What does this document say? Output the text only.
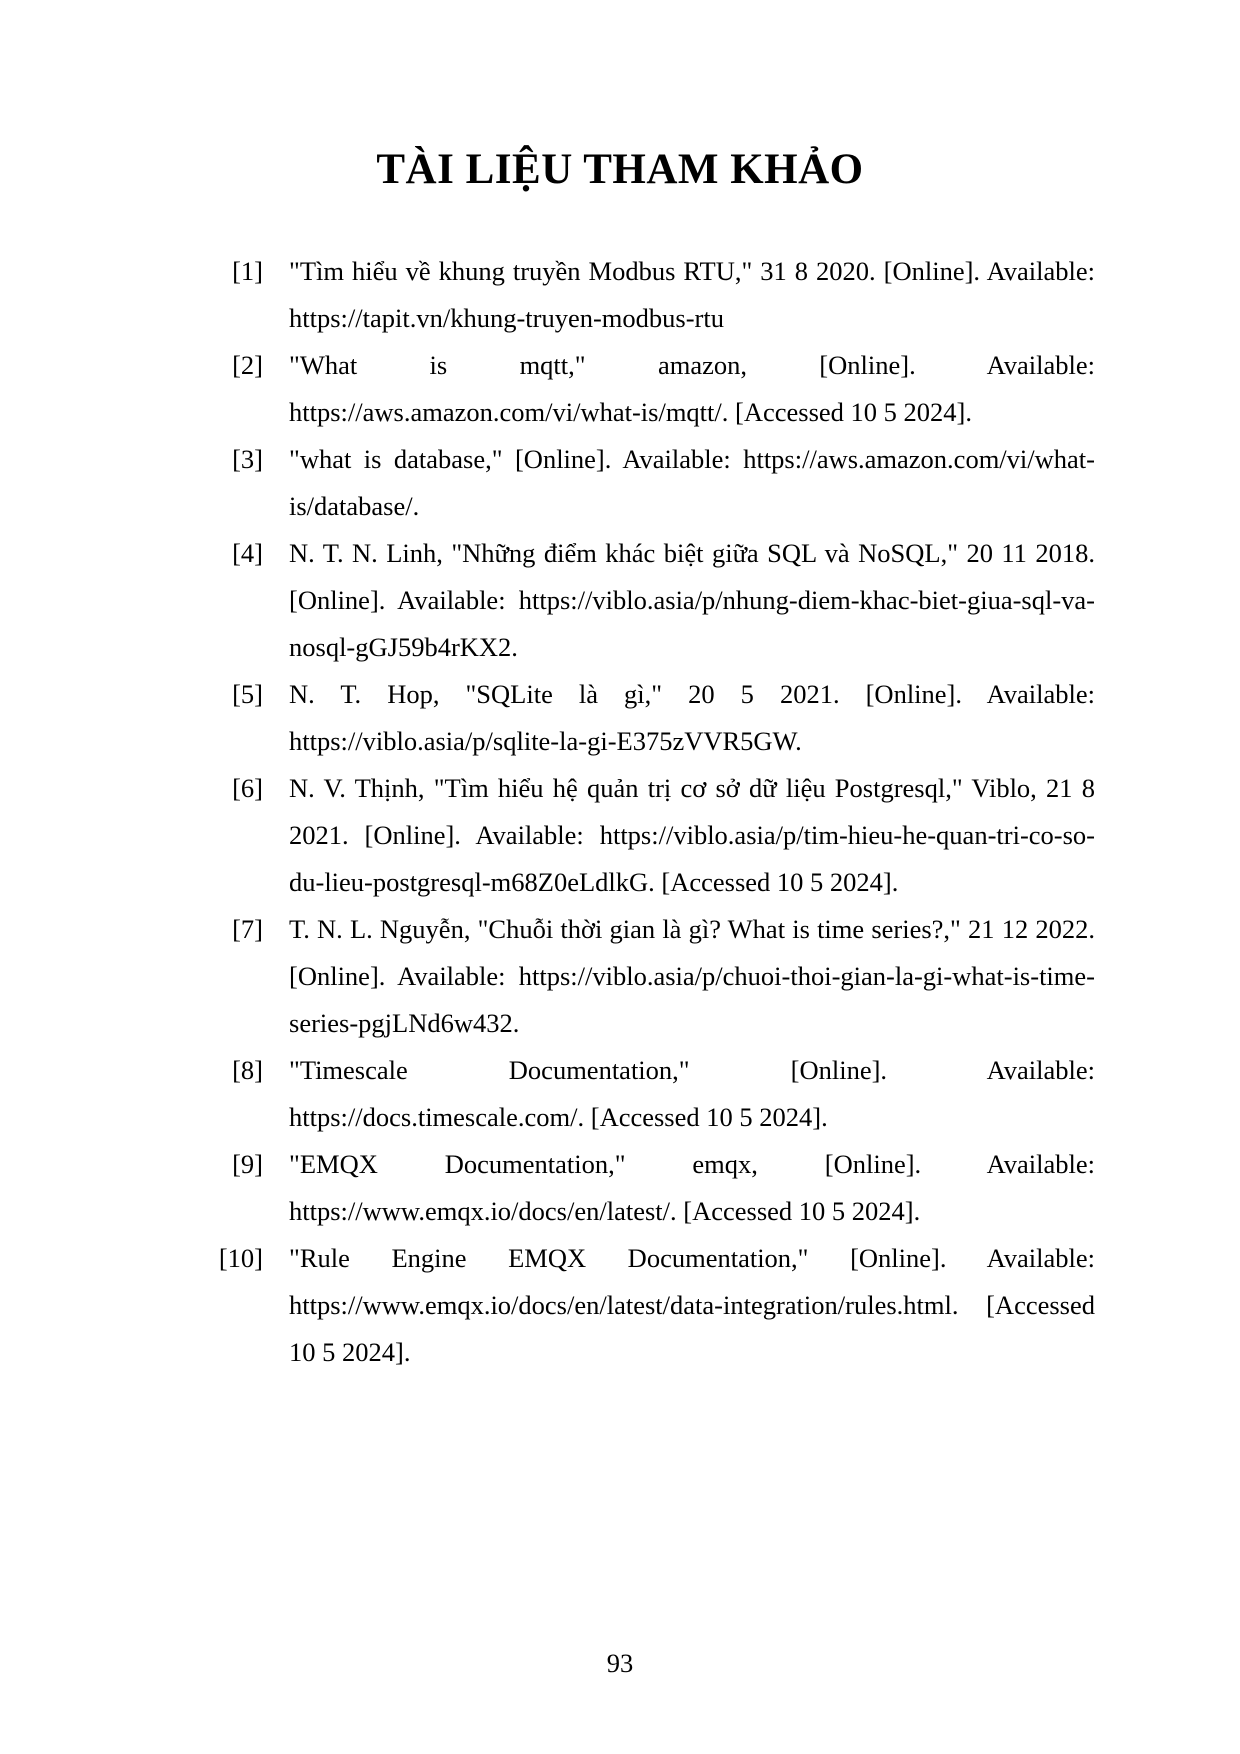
TÀI LIỆU THAM KHẢO
[1] "Tìm hiểu về khung truyền Modbus RTU," 31 8 2020. [Online]. Available: https://tapit.vn/khung-truyen-modbus-rtu
[2] "What is mqtt," amazon, [Online]. Available: https://aws.amazon.com/vi/what-is/mqtt/. [Accessed 10 5 2024].
[3] "what is database," [Online]. Available: https://aws.amazon.com/vi/what-is/database/.
[4] N. T. N. Linh, "Những điểm khác biệt giữa SQL và NoSQL," 20 11 2018. [Online]. Available: https://viblo.asia/p/nhung-diem-khac-biet-giua-sql-va-nosql-gGJ59b4rKX2.
[5] N. T. Hop, "SQLite là gì," 20 5 2021. [Online]. Available: https://viblo.asia/p/sqlite-la-gi-E375zVVR5GW.
[6] N. V. Thịnh, "Tìm hiểu hệ quản trị cơ sở dữ liệu Postgresql," Viblo, 21 8 2021. [Online]. Available: https://viblo.asia/p/tim-hieu-he-quan-tri-co-so-du-lieu-postgresql-m68Z0eLdlkG. [Accessed 10 5 2024].
[7] T. N. L. Nguyễn, "Chuỗi thời gian là gì? What is time series?," 21 12 2022. [Online]. Available: https://viblo.asia/p/chuoi-thoi-gian-la-gi-what-is-time-series-pgjLNd6w432.
[8] "Timescale Documentation," [Online]. Available: https://docs.timescale.com/. [Accessed 10 5 2024].
[9] "EMQX Documentation," emqx, [Online]. Available: https://www.emqx.io/docs/en/latest/. [Accessed 10 5 2024].
[10] "Rule Engine EMQX Documentation," [Online]. Available: https://www.emqx.io/docs/en/latest/data-integration/rules.html. [Accessed 10 5 2024].
93
